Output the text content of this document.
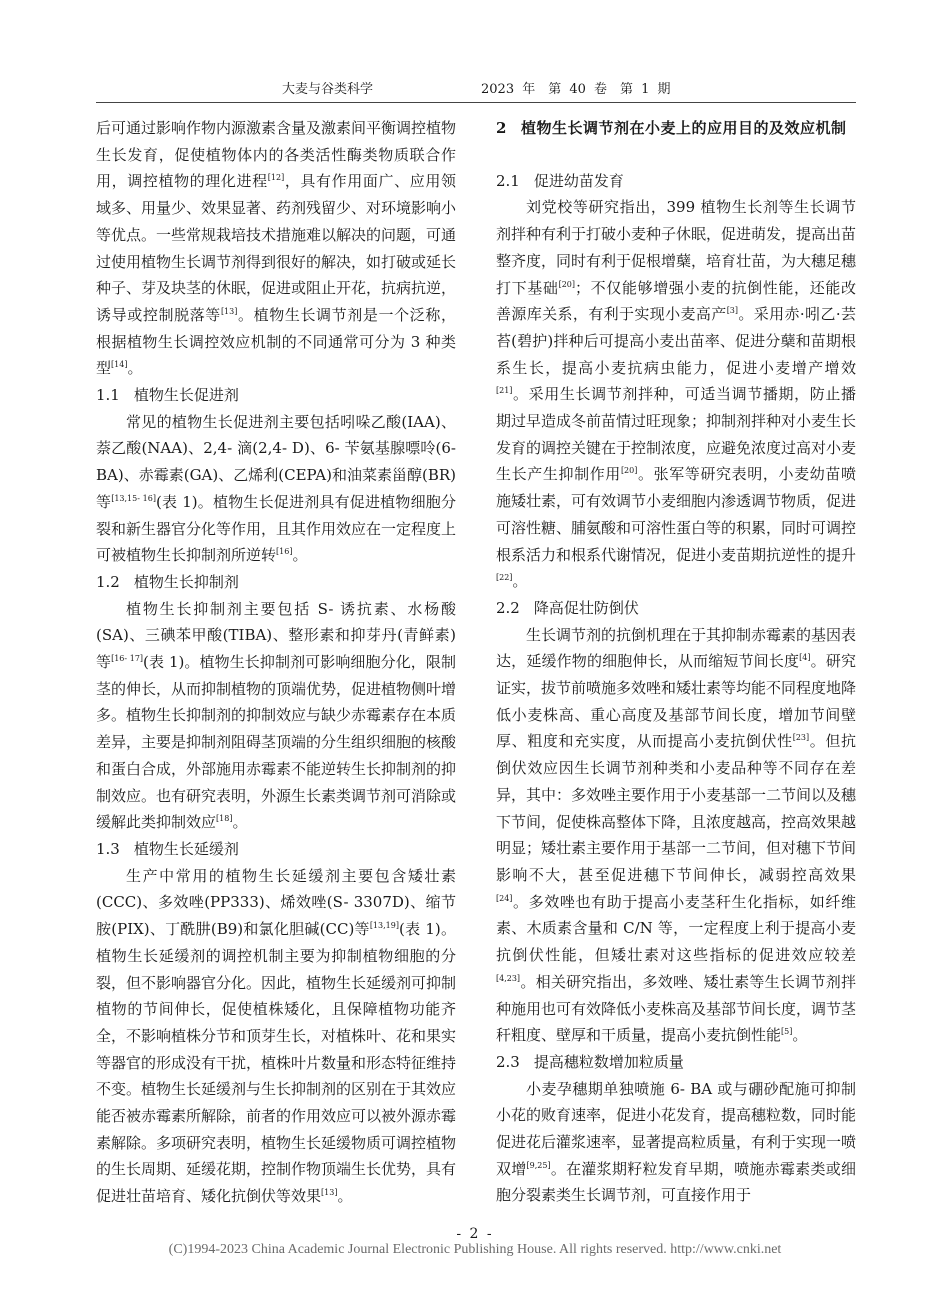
大麦与谷类科学	2023 年　第 40 卷　第 1 期

后可通过影响作物内源激素含量及激素间平衡调控植物生长发育，促使植物体内的各类活性酶类物质联合作用，调控植物的理化进程[12]，具有作用面广、应用领域多、用量少、效果显著、药剂残留少、对环境影响小等优点。一些常规栽培技术措施难以解决的问题，可通过使用植物生长调节剂得到很好的解决，如打破或延长种子、芽及块茎的休眠，促进或阻止开花，抗病抗逆，诱导或控制脱落等[13]。植物生长调节剂是一个泛称，根据植物生长调控效应机制的不同通常可分为 3 种类型[14]。

1.1 植物生长促进剂

常见的植物生长促进剂主要包括吲哚乙酸(IAA)、萘乙酸(NAA)、2,4- 滴(2,4- D)、6- 苄氨基腺嘌呤(6- BA)、赤霉素(GA)、乙烯利(CEPA)和油菜素甾醇(BR)等[13,15- 16](表 1)。植物生长促进剂具有促进植物细胞分裂和新生器官分化等作用，且其作用效应在一定程度上可被植物生长抑制剂所逆转[16]。

1.2 植物生长抑制剂

植物生长抑制剂主要包括 S- 诱抗素、水杨酸(SA)、三碘苯甲酸(TIBA)、整形素和抑芽丹(青鲜素)等[16- 17](表 1)。植物生长抑制剂可影响细胞分化，限制茎的伸长，从而抑制植物的顶端优势，促进植物侧叶增多。植物生长抑制剂的抑制效应与缺少赤霉素存在本质差异，主要是抑制剂阻碍茎顶端的分生组织细胞的核酸和蛋白合成，外部施用赤霉素不能逆转生长抑制剂的抑制效应。也有研究表明，外源生长素类调节剂可消除或缓解此类抑制效应[18]。

1.3 植物生长延缓剂

生产中常用的植物生长延缓剂主要包含矮壮素(CCC)、多效唑(PP333)、烯效唑(S- 3307D)、缩节胺(PIX)、丁酰肼(B9)和氯化胆碱(CC)等[13,19](表 1)。植物生长延缓剂的调控机制主要为抑制植物细胞的分裂，但不影响器官分化。因此，植物生长延缓剂可抑制植物的节间伸长，促使植株矮化，且保障植物功能齐全，不影响植株分节和顶芽生长，对植株叶、花和果实等器官的形成没有干扰，植株叶片数量和形态特征维持不变。植物生长延缓剂与生长抑制剂的区别在于其效应能否被赤霉素所解除，前者的作用效应可以被外源赤霉素解除。多项研究表明，植物生长延缓物质可调控植物的生长周期、延缓花期，控制作物顶端生长优势，具有促进壮苗培育、矮化抗倒伏等效果[13]。

2 植物生长调节剂在小麦上的应用目的及效应机制
2.1 促进幼苗发育

刘党校等研究指出，399 植物生长剂等生长调节剂拌种有利于打破小麦种子休眠，促进萌发，提高出苗整齐度，同时有利于促根增蘖，培育壮苗，为大穗足穗打下基础[20]；不仅能够增强小麦的抗倒性能，还能改善源库关系，有利于实现小麦高产[3]。采用赤·吲乙·芸苔(碧护)拌种后可提高小麦出苗率、促进分蘖和苗期根系生长，提高小麦抗病虫能力，促进小麦增产增效[21]。采用生长调节剂拌种，可适当调节播期，防止播期过早造成冬前苗情过旺现象；抑制剂拌种对小麦生长发育的调控关键在于控制浓度，应避免浓度过高对小麦生长产生抑制作用[20]。张军等研究表明，小麦幼苗喷施矮壮素，可有效调节小麦细胞内渗透调节物质，促进可溶性糖、脯氨酸和可溶性蛋白等的积累，同时可调控根系活力和根系代谢情况，促进小麦苗期抗逆性的提升[22]。

2.2 降高促壮防倒伏

生长调节剂的抗倒机理在于其抑制赤霉素的基因表达，延缓作物的细胞伸长，从而缩短节间长度[4]。研究证实，拔节前喷施多效唑和矮壮素等均能不同程度地降低小麦株高、重心高度及基部节间长度，增加节间壁厚、粗度和充实度，从而提高小麦抗倒伏性[23]。但抗倒伏效应因生长调节剂种类和小麦品种等不同存在差异，其中：多效唑主要作用于小麦基部一二节间以及穗下节间，促使株高整体下降，且浓度越高，控高效果越明显；矮壮素主要作用于基部一二节间，但对穗下节间影响不大，甚至促进穗下节间伸长，减弱控高效果[24]。多效唑也有助于提高小麦茎秆生化指标，如纤维素、木质素含量和 C/N 等，一定程度上利于提高小麦抗倒伏性能，但矮壮素对这些指标的促进效应较差[4,23]。相关研究指出，多效唑、矮壮素等生长调节剂拌种施用也可有效降低小麦株高及基部节间长度，调节茎秆粗度、壁厚和干质量，提高小麦抗倒性能[5]。

2.3 提高穗粒数增加粒质量

小麦孕穗期单独喷施 6- BA 或与硼砂配施可抑制小花的败育速率，促进小花发育，提高穗粒数，同时能促进花后灌浆速率，显著提高粒质量，有利于实现一喷双增[9,25]。在灌浆期籽粒发育早期，喷施赤霉素类或细胞分裂素类生长调节剂，可直接作用于

- 2 -
(C)1994-2023 China Academic Journal Electronic Publishing House. All rights reserved. http://www.cnki.net
